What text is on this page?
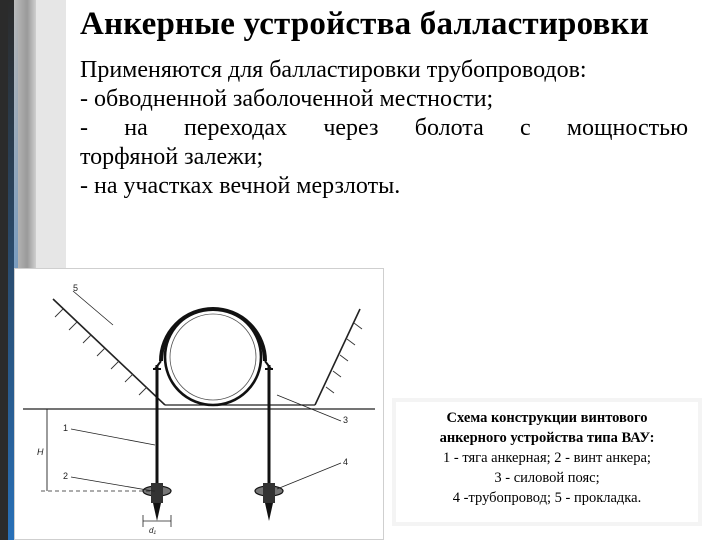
Анкерные устройства балластировки
Применяются для балластировки трубопроводов:
- обводненной заболоченной местности;
- на переходах через болота с мощностью
торфяной залежи;
- на участках вечной мерзлоты.
5
1
2
3
4
H
d₁
Схема конструкции винтового
анкерного устройства типа ВАУ:
1 - тяга анкерная; 2 - винт анкера;
3 - силовой пояс;
4 -трубопровод; 5 - прокладка.
